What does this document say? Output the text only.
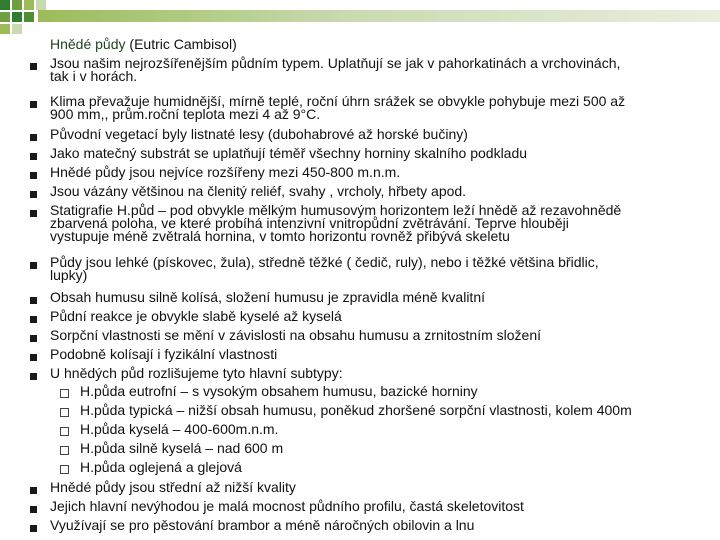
Hnědé půdy (Eutric Cambisol)
Jsou našim nejrozšířenějším půdním typem. Uplatňují se jak v pahorkatinách a vrchovinách,
tak i v horách.
Klima převažuje humidnější, mírně teplé, roční úhrn srážek se obvykle pohybuje mezi 500 až
900 mm,, prům.roční teplota mezi 4 až 9°C.
Původní vegetací byly listnaté lesy (dubohabrové až horské bučiny)
Jako matečný substrát se uplatňují téměř všechny horniny skalního podkladu
Hnědé půdy jsou nejvíce rozšířeny mezi 450-800 m.n.m.
Jsou vázány většinou na členitý reliéf, svahy , vrcholy, hřbety apod.
Statigrafie H.půd – pod obvykle mělkým humusovým horizontem leží hnědě až rezavohnědě
zbarvená poloha, ve které probíhá intenzivní vnitropůdní zvětrávání. Teprve hlouběji
vystupuje méně zvětralá hornina, v tomto horizontu rovněž přibývá skeletu
Půdy jsou lehké (pískovec, žula), středně těžké ( čedič, ruly), nebo i těžké většina břidlic,
lupky)
Obsah humusu silně kolísá, složení humusu je zpravidla méně kvalitní
Půdní reakce je obvykle slabě kyselé až kyselá
Sorpční vlastnosti se mění v závislosti na obsahu humusu a zrnitostním složení
Podobně kolísají i fyzikální vlastnosti
U hnědých půd rozlišujeme tyto hlavní subtypy:
H.půda eutrofní – s vysokým obsahem humusu, bazické horniny
H.půda typická – nižší obsah humusu, poněkud zhoršené sorpční vlastnosti, kolem 400m
H.půda kyselá – 400-600m.n.m.
H.půda silně kyselá – nad 600 m
H.půda oglejená a glejová
Hnědé půdy jsou střední až nižší kvality
Jejich hlavní nevýhodou je malá mocnost půdního profilu, častá skeletovitost
Využívají se pro pěstování brambor a méně náročných obilovin a lnu
